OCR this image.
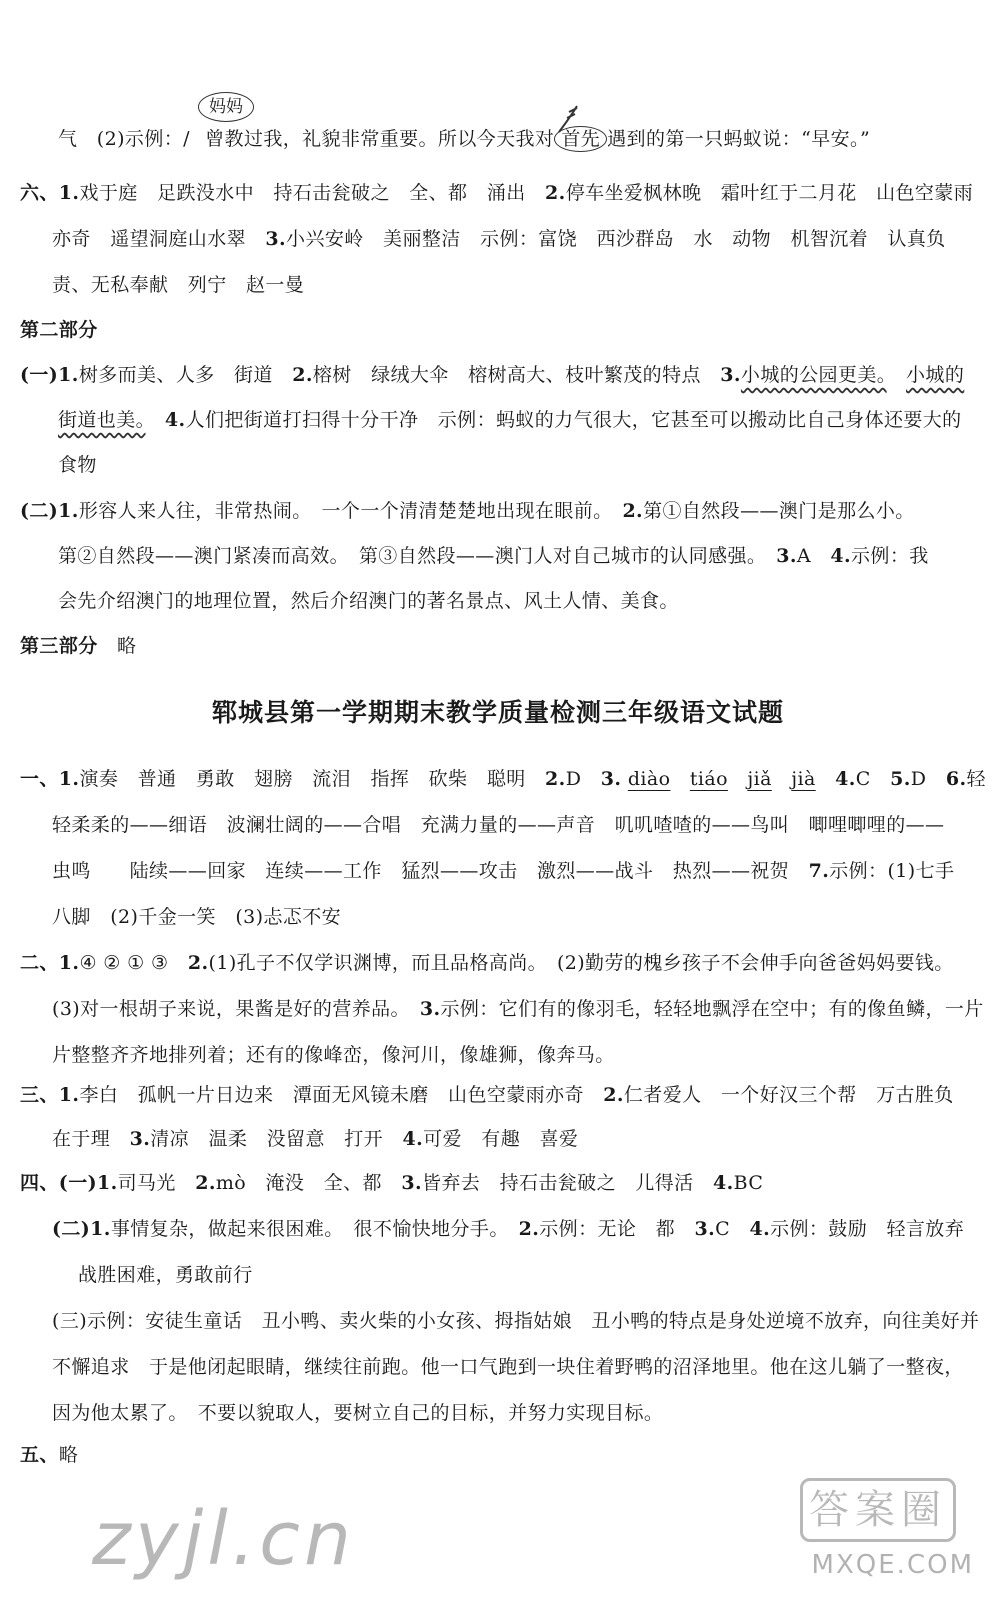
妈妈
气　(2)示例：∕ 曾教过我，礼貌非常重要。所以今天我对 首先 遇到的第一只蚂蚁说：“早安。”
六、1.戏于庭　足跌没水中　持石击瓮破之　全、都　涌出　2.停车坐爱枫林晚　霜叶红于二月花　山色空蒙雨
亦奇　遥望洞庭山水翠　3.小兴安岭　美丽整洁　示例：富饶　西沙群岛　水　动物　机智沉着　认真负
责、无私奉献　列宁　赵一曼
第二部分
(一)1.树多而美、人多　街道　2.榕树　绿绒大伞　榕树高大、枝叶繁茂的特点　3.小城的公园更美。　 小城的
街道也美。　 4.人们把街道打扫得十分干净　示例：蚂蚁的力气很大，它甚至可以搬动比自己身体还要大的
食物
(二)1.形容人来人往，非常热闹。　一个一个清清楚楚地出现在眼前。　2.第①自然段——澳门是那么小。
第②自然段——澳门紧凑而高效。　第③自然段——澳门人对自己城市的认同感强。　3.A　4.示例：我
会先介绍澳门的地理位置，然后介绍澳门的著名景点、风土人情、美食。
第三部分　略
郓城县第一学期期末教学质量检测三年级语文试题
一、1.演奏　普通　勇敢　翅膀　流泪　指挥　砍柴　聪明　2.D　3. diào　 tiáo　 jiǎ　 jià　 4.C　5.D　6.轻
轻柔柔的——细语　波澜壮阔的——合唱　充满力量的——声音　叽叽喳喳的——鸟叫　唧哩唧哩的——
虫鸣　　陆续——回家　连续——工作　猛烈——攻击　激烈——战斗　热烈——祝贺　7.示例：(1)七手
八脚　(2)千金一笑　(3)忐忑不安
二、1.④ ② ① ③　2.(1)孔子不仅学识渊博，而且品格高尚。　(2)勤劳的槐乡孩子不会伸手向爸爸妈妈要钱。
(3)对一根胡子来说，果酱是好的营养品。　3.示例：它们有的像羽毛，轻轻地飘浮在空中；有的像鱼鳞，一片
片整整齐齐地排列着；还有的像峰峦，像河川，像雄狮，像奔马。
三、1.李白　孤帆一片日边来　潭面无风镜未磨　山色空蒙雨亦奇　2.仁者爱人　一个好汉三个帮　万古胜负
在于理　3.清凉　温柔　没留意　打开　4.可爱　有趣　喜爱
四、(一)1.司马光　2.mò　淹没　全、都　3.皆弃去　持石击瓮破之　儿得活　4.BC
(二)1.事情复杂，做起来很困难。　很不愉快地分手。　2.示例：无论　都　3.C　4.示例：鼓励　轻言放弃
战胜困难，勇敢前行
(三)示例：安徒生童话　丑小鸭、卖火柴的小女孩、拇指姑娘　丑小鸭的特点是身处逆境不放弃，向往美好并
不懈追求　于是他闭起眼睛，继续往前跑。他一口气跑到一块住着野鸭的沼泽地里。他在这儿躺了一整夜，
因为他太累了。　不要以貌取人，要树立自己的目标，并努力实现目标。
五、略
zyjl.cn	答案圈
MXQE.COM
